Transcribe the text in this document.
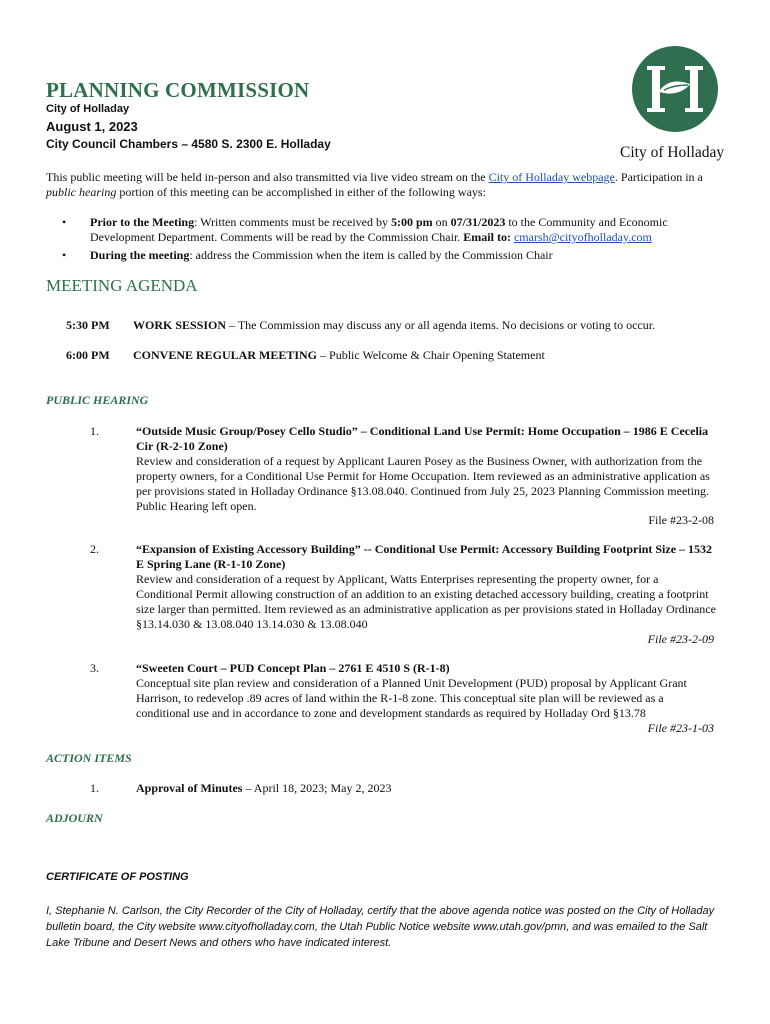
PLANNING COMMISSION
City of Holladay
August 1, 2023
City Council Chambers – 4580 S. 2300 E. Holladay	City of Holladay
This public meeting will be held in-person and also transmitted via live video stream on the City of Holladay webpage. Participation in a public hearing portion of this meeting can be accomplished in either of the following ways:
• Prior to the Meeting: Written comments must be received by 5:00 pm on 07/31/2023 to the Community and Economic Development Department. Comments will be read by the Commission Chair. Email to: cmarsh@cityofholladay.com
• During the meeting: address the Commission when the item is called by the Commission Chair
MEETING AGENDA
5:30 PM WORK SESSION – The Commission may discuss any or all agenda items. No decisions or voting to occur.
6:00 PM CONVENE REGULAR MEETING – Public Welcome & Chair Opening Statement
PUBLIC HEARING
1.	“Outside Music Group/Posey Cello Studio” – Conditional Land Use Permit: Home Occupation – 1986 E Cecelia Cir (R-2-10 Zone)
Review and consideration of a request by Applicant Lauren Posey as the Business Owner, with authorization from the property owners, for a Conditional Use Permit for Home Occupation. Item reviewed as an administrative application as per provisions stated in Holladay Ordinance §13.08.040. Continued from July 25, 2023 Planning Commission meeting. Public Hearing left open.
File #23-2-08
2.	“Expansion of Existing Accessory Building” -- Conditional Use Permit: Accessory Building Footprint Size – 1532 E Spring Lane (R-1-10 Zone)
Review and consideration of a request by Applicant, Watts Enterprises representing the property owner, for a Conditional Permit allowing construction of an addition to an existing detached accessory building, creating a footprint size larger than permitted. Item reviewed as an administrative application as per provisions stated in Holladay Ordinance §13.14.030 & 13.08.040 13.14.030 & 13.08.040
File #23-2-09
3.	“Sweeten Court – PUD Concept Plan – 2761 E 4510 S (R-1-8)
Conceptual site plan review and consideration of a Planned Unit Development (PUD) proposal by Applicant Grant Harrison, to redevelop .89 acres of land within the R-1-8 zone. This conceptual site plan will be reviewed as a conditional use and in accordance to zone and development standards as required by Holladay Ord §13.78
File #23-1-03
ACTION ITEMS
1.	Approval of Minutes – April 18, 2023; May 2, 2023
ADJOURN
CERTIFICATE OF POSTING
I, Stephanie N. Carlson, the City Recorder of the City of Holladay, certify that the above agenda notice was posted on the City of Holladay bulletin board, the City website www.cityofholladay.com, the Utah Public Notice website www.utah.gov/pmn, and was emailed to the Salt Lake Tribune and Desert News and others who have indicated interest.
